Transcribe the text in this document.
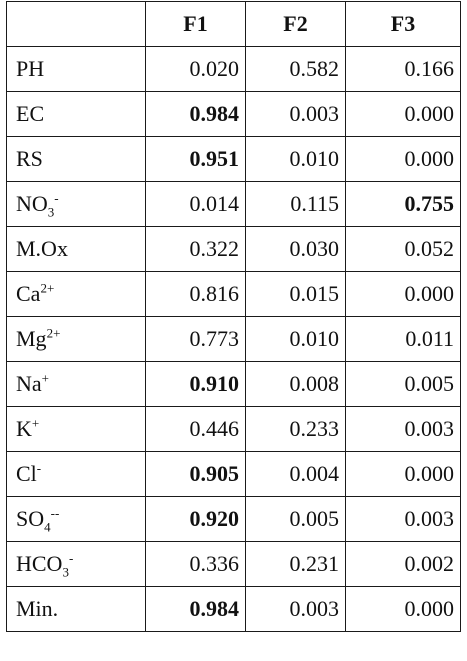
	F1	F2	F3
PH	0.020	0.582	0.166
EC	0.984	0.003	0.000
RS	0.951	0.010	0.000
$NO_3^-$	0.014	0.115	0.755
M.Ox	0.322	0.030	0.052
$Ca^{2+}$	0.816	0.015	0.000
$Mg^{2+}$	0.773	0.010	0.011
Na+	0.910	0.008	0.005
K+	0.446	0.233	0.003
Cl-	0.905	0.004	0.000
$SO_4^{--}$	0.920	0.005	0.003
$HCO_3^-$	0.336	0.231	0.002
Min.	0.984	0.003	0.000
